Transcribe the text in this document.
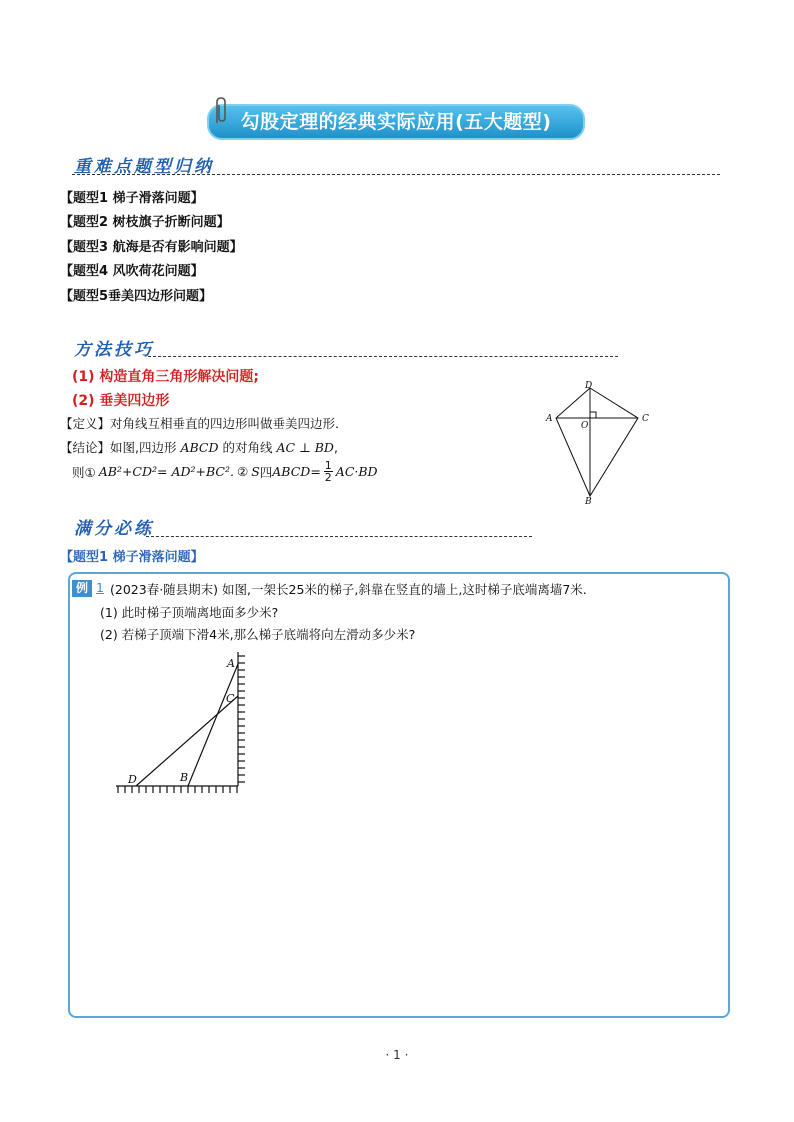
勾股定理的经典实际应用(五大题型)
重难点题型归纳
【题型1 梯子滑落问题】
【题型2 树枝旗子折断问题】
【题型3 航海是否有影响问题】
【题型4 风吹荷花问题】
【题型5垂美四边形问题】
方法技巧
(1) 构造直角三角形解决问题;
(2) 垂美四边形
【定义】对角线互相垂直的四边形叫做垂美四边形.
【结论】如图,四边形 ABCD 的对角线 AC ⊥ BD,
则① AB²+CD²= AD²+BC². ② S 四 ABCD = $\frac{1}{2} AC\cdot BD$
D
A	C
O
B
满分必练
【题型1 梯子滑落问题】
例 1 (2023春·随县期末) 如图,一架长25米的梯子,斜靠在竖直的墙上,这时梯子底端离墙7米.
(1) 此时梯子顶端离地面多少米?
(2) 若梯子顶端下滑4米,那么梯子底端将向左滑动多少米?
A
C
B
D
· 1 ·
